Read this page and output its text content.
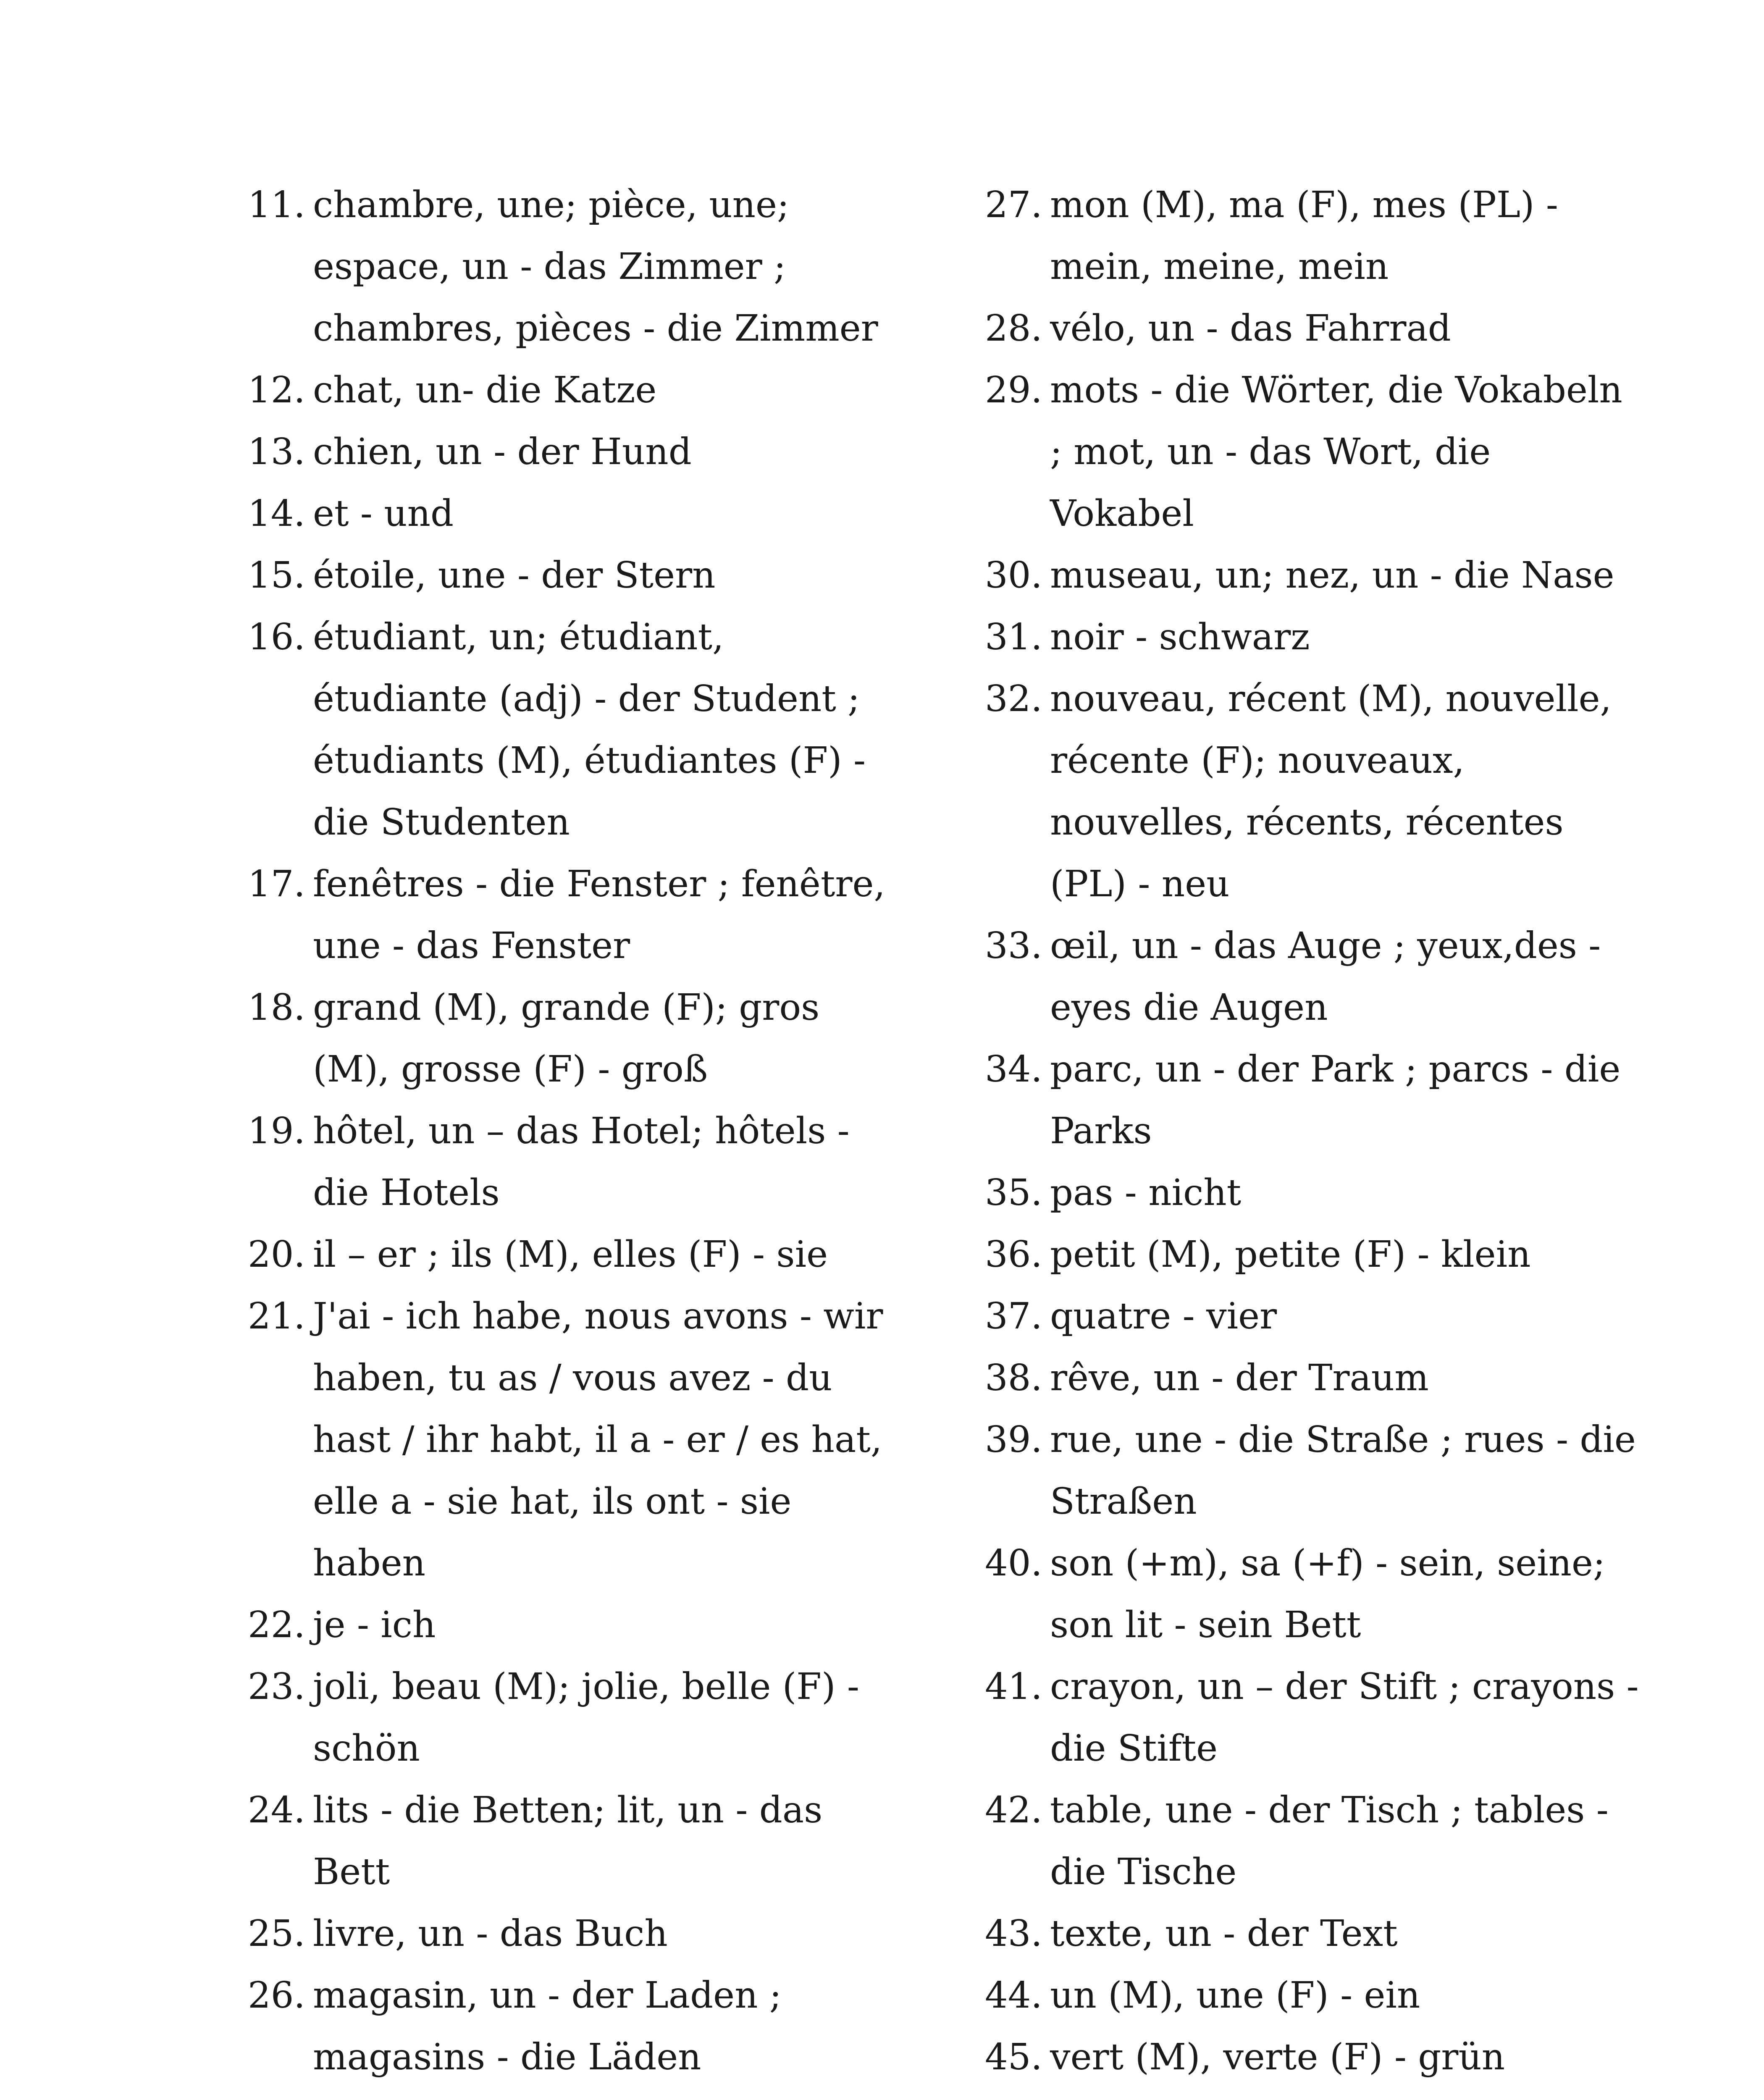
11. chambre, une; pièce, une; espace, un - das Zimmer ; chambres, pièces - die Zimmer
12. chat, un- die Katze
13. chien, un - der Hund
14. et - und
15. étoile, une - der Stern
16. étudiant, un; étudiant, étudiante (adj) - der Student ; étudiants (M), étudiantes (F) - die Studenten
17. fenêtres - die Fenster ; fenêtre, une - das Fenster
18. grand (M), grande (F); gros (M), grosse (F) - groß
19. hôtel, un – das Hotel; hôtels - die Hotels
20. il – er ; ils (M), elles (F) - sie
21. J'ai - ich habe, nous avons - wir haben, tu as / vous avez - du hast / ihr habt, il a - er / es hat, elle a - sie hat, ils ont - sie haben
22. je - ich
23. joli, beau (M); jolie, belle (F) - schön
24. lits - die Betten; lit, un - das Bett
25. livre, un - das Buch
26. magasin, un - der Laden ; magasins - die Läden
27. mon (M), ma (F), mes (PL) - mein, meine, mein
28. vélo, un - das Fahrrad
29. mots - die Wörter, die Vokabeln ; mot, un - das Wort, die Vokabel
30. museau, un; nez, un - die Nase
31. noir - schwarz
32. nouveau, récent (M), nouvelle, récente (F); nouveaux, nouvelles, récents, récentes (PL) - neu
33. œil, un - das Auge ; yeux,des - eyes die Augen
34. parc, un - der Park ; parcs - die Parks
35. pas - nicht
36. petit (M), petite (F) - klein
37. quatre - vier
38. rêve, un - der Traum
39. rue, une - die Straße ; rues - die Straßen
40. son (+m), sa (+f) - sein, seine; son lit - sein Bett
41. crayon, un – der Stift ; crayons - die Stifte
42. table, une - der Tisch ; tables - die Tische
43. texte, un - der Text
44. un (M), une (F) - ein
45. vert (M), verte (F) - grün
